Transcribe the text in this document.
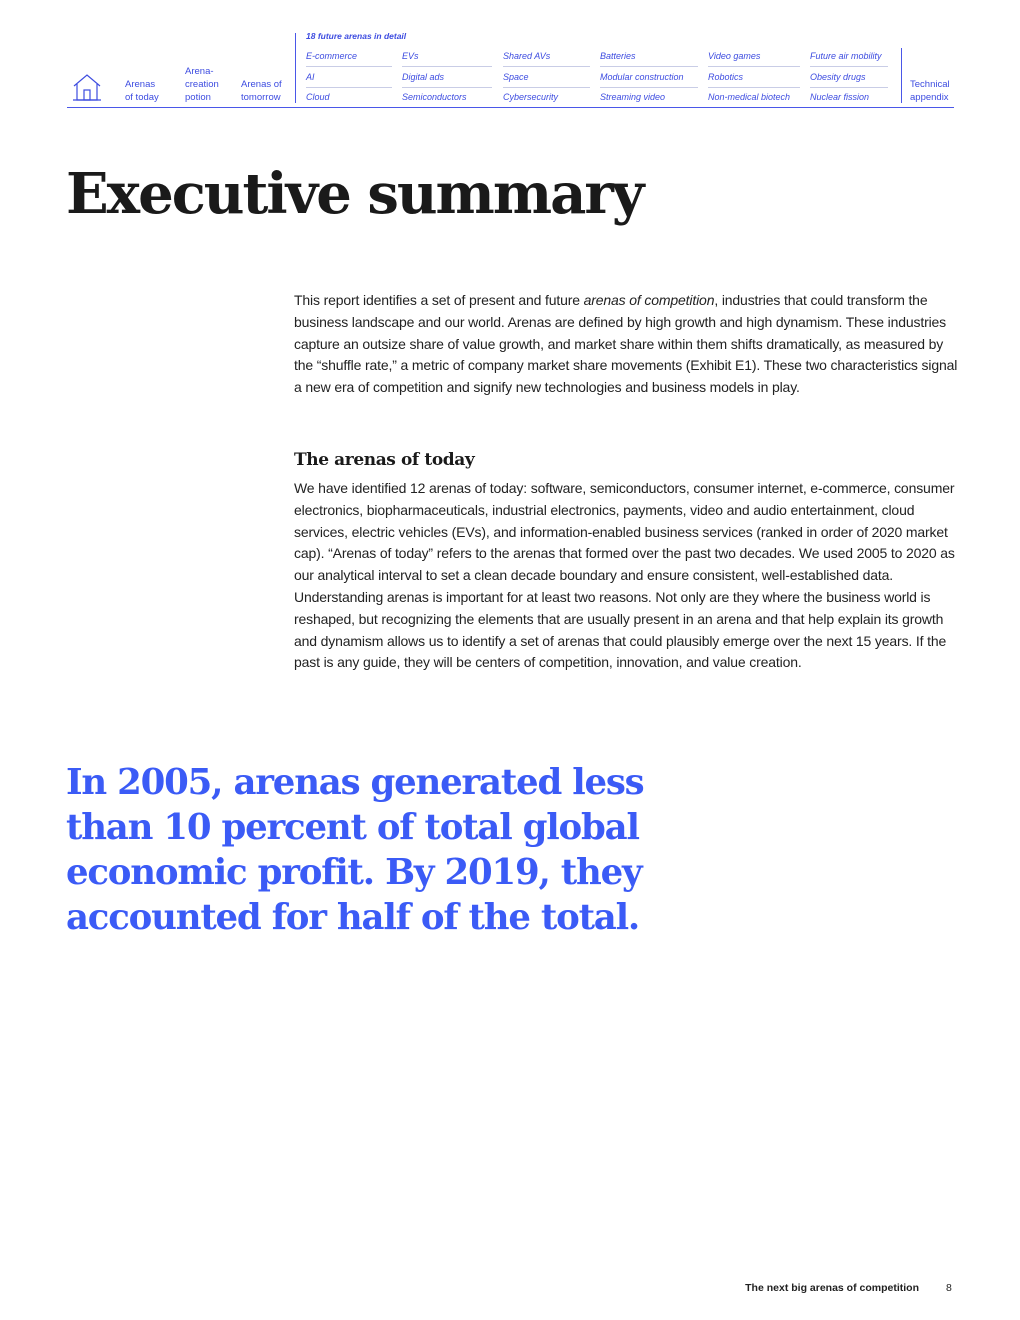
Arenas
of today
Arena-
creation
potion
Arenas of
tomorrow
18 future arenas in detail
E-commerce
AI
Cloud
EVs
Digital ads
Semiconductors
Shared AVs
Space
Cybersecurity
Batteries
Modular construction
Streaming video
Video games
Robotics
Non-medical biotech
Future air mobility
Obesity drugs
Nuclear fission
Technical
appendix
Executive summary

This report identifies a set of present and future arenas of competition, industries that could transform the business landscape and our world. Arenas are defined by high growth and high dynamism. These industries capture an outsize share of value growth, and market share within them shifts dramatically, as measured by the “shuffle rate,” a metric of company market share movements (Exhibit E1). These two characteristics signal a new era of competition and signify new technologies and business models in play.

The arenas of today

We have identified 12 arenas of today: software, semiconductors, consumer internet, e-commerce, consumer electronics, biopharmaceuticals, industrial electronics, payments, video and audio entertainment, cloud services, electric vehicles (EVs), and information-enabled business services (ranked in order of 2020 market cap). “Arenas of today” refers to the arenas that formed over the past two decades. We used 2005 to 2020 as our analytical interval to set a clean decade boundary and ensure consistent, well-established data. Understanding arenas is important for at least two reasons. Not only are they where the business world is reshaped, but recognizing the elements that are usually present in an arena and that help explain its growth and dynamism allows us to identify a set of arenas that could plausibly emerge over the next 15 years. If the past is any guide, they will be centers of competition, innovation, and value creation.

In 2005, arenas generated less than 10 percent of total global economic profit. By 2019, they accounted for half of the total.

The next big arenas of competition	8
